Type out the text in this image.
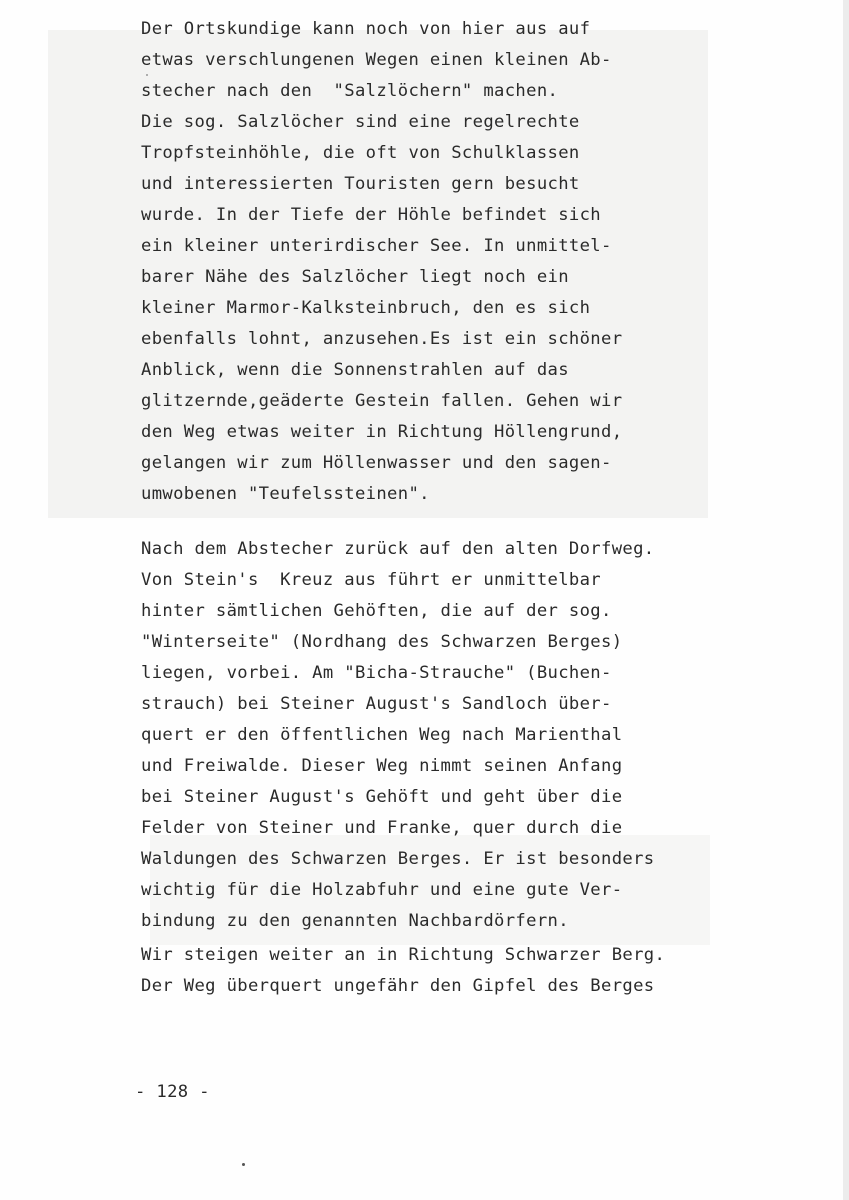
Der Ortskundige kann noch von hier aus auf
etwas verschlungenen Wegen einen kleinen Ab-
stecher nach den  "Salzlöchern" machen.
Die sog. Salzlöcher sind eine regelrechte
Tropfsteinhöhle, die oft von Schulklassen
und interessierten Touristen gern besucht
wurde. In der Tiefe der Höhle befindet sich
ein kleiner unterirdischer See. In unmittel-
barer Nähe des Salzlöcher liegt noch ein
kleiner Marmor-Kalksteinbruch, den es sich
ebenfalls lohnt, anzusehen.Es ist ein schöner
Anblick, wenn die Sonnenstrahlen auf das
glitzernde,geäderte Gestein fallen. Gehen wir
den Weg etwas weiter in Richtung Höllengrund,
gelangen wir zum Höllenwasser und den sagen-
umwobenen "Teufelssteinen".
Nach dem Abstecher zurück auf den alten Dorfweg.
Von Stein's  Kreuz aus führt er unmittelbar
hinter sämtlichen Gehöften, die auf der sog.
"Winterseite" (Nordhang des Schwarzen Berges)
liegen, vorbei. Am "Bicha-Strauche" (Buchen-
strauch) bei Steiner August's Sandloch über-
quert er den öffentlichen Weg nach Marienthal
und Freiwalde. Dieser Weg nimmt seinen Anfang
bei Steiner August's Gehöft und geht über die
Felder von Steiner und Franke, quer durch die
Waldungen des Schwarzen Berges. Er ist besonders
wichtig für die Holzabfuhr und eine gute Ver-
bindung zu den genannten Nachbardörfern.
Wir steigen weiter an in Richtung Schwarzer Berg.
Der Weg überquert ungefähr den Gipfel des Berges
- 128 -
